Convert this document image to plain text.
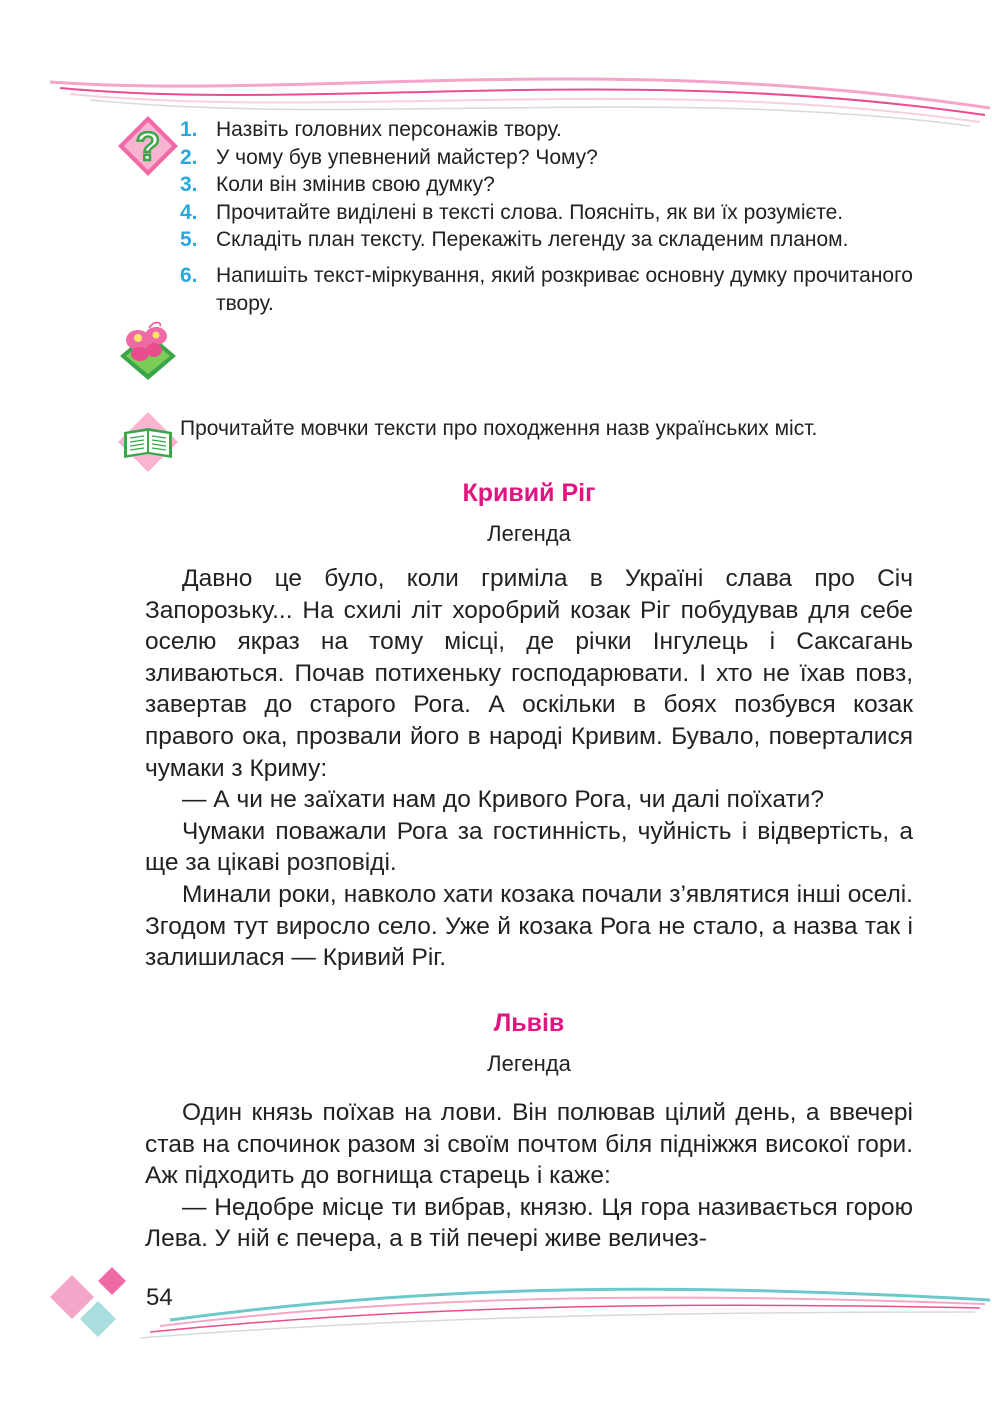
? 1. Назвіть головних персонажів твору.
2. У чому був упевнений майстер? Чому?
3. Коли він змінив свою думку?
4. Прочитайте виділені в тексті слова. Поясніть, як ви їх розумієте.
5. Складіть план тексту. Перекажіть легенду за складеним планом.
6. Напишіть текст-міркування, який розкриває основну думку прочитаного твору.
Прочитайте мовчки тексти про походження назв українських міст.
Кривий Ріг
Легенда

Давно це було, коли гриміла в Україні слава про Січ Запорозьку... На схилі літ хоробрий козак Ріг побудував для себе оселю якраз на тому місці, де річки Інгулець і Саксагань зливаються. Почав потихеньку господарювати. І хто не їхав повз, завертав до старого Рога. А оскільки в боях позбувся козак правого ока, прозвали його в народі Кривим. Бувало, поверталися чумаки з Криму:

— А чи не заїхати нам до Кривого Рога, чи далі поїхати?

Чумаки поважали Рога за гостинність, чуйність і відвертість, а ще за цікаві розповіді.

Минали роки, навколо хати козака почали з’являтися інші оселі. Згодом тут виросло село. Уже й козака Рога не стало, а назва так і залишилася — Кривий Ріг.

Львів
Легенда

Один князь поїхав на лови. Він полював цілий день, а ввечері став на спочинок разом зі своїм почтом біля підніжжя високої гори. Аж підходить до вогнища старець і каже:

— Недобре місце ти вибрав, князю. Ця гора називається горою Лева. У ній є печера, а в тій печері живе величез-

54
